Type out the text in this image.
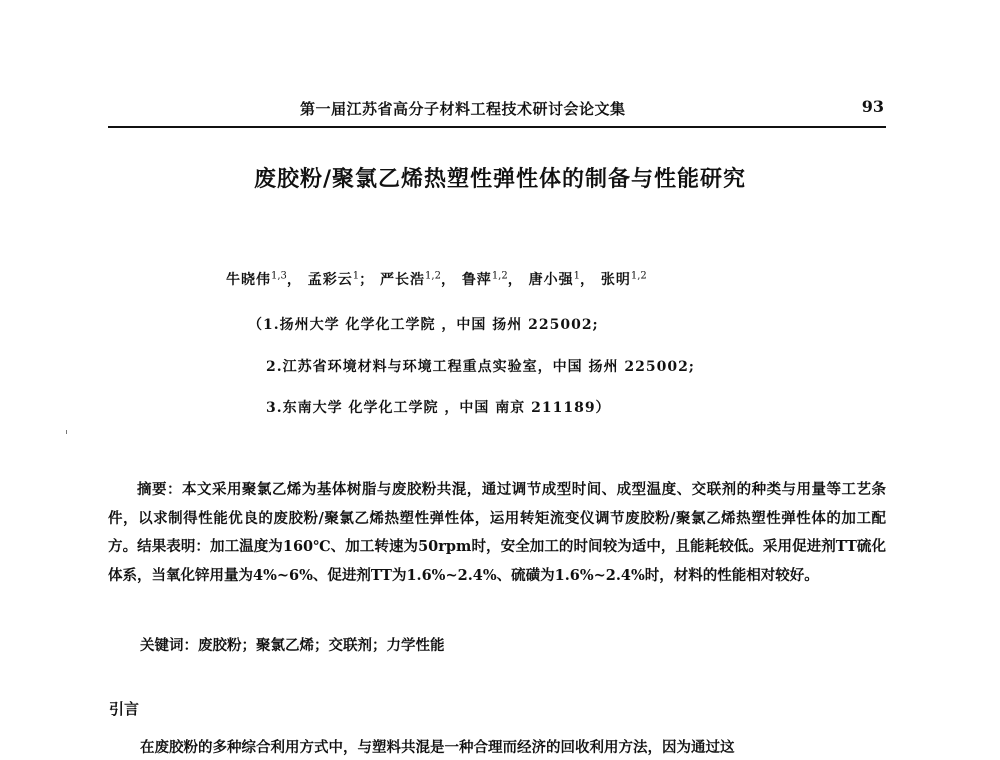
第一届江苏省高分子材料工程技术研讨会论文集	93
废胶粉/聚氯乙烯热塑性弹性体的制备与性能研究
牛晓伟$^{1,3}$， 孟彩云$^1$； 严长浩$^{1,2}$， 鲁萍$^{1,2}$， 唐小强$^1$， 张明$^{1,2}$
（1.扬州大学 化学化工学院 ，中国 扬州 225002;
2.江苏省环境材料与环境工程重点实验室，中国 扬州 225002;
3.东南大学 化学化工学院 ，中国 南京 211189）
摘要：本文采用聚氯乙烯为基体树脂与废胶粉共混，通过调节成型时间、成型温度、交联剂的种类与用量等工艺条件，以求制得性能优良的废胶粉/聚氯乙烯热塑性弹性体，运用转矩流变仪调节废胶粉/聚氯乙烯热塑性弹性体的加工配方。结果表明：加工温度为160℃、加工转速为50rpm时，安全加工的时间较为适中，且能耗较低。采用促进剂TT硫化体系，当氧化锌用量为4%~6%、促进剂TT为1.6%~2.4%、硫磺为1.6%~2.4%时，材料的性能相对较好。
关键词：废胶粉；聚氯乙烯；交联剂；力学性能
引言
在废胶粉的多种综合利用方式中，与塑料共混是一种合理而经济的回收利用方法，因为通过这
